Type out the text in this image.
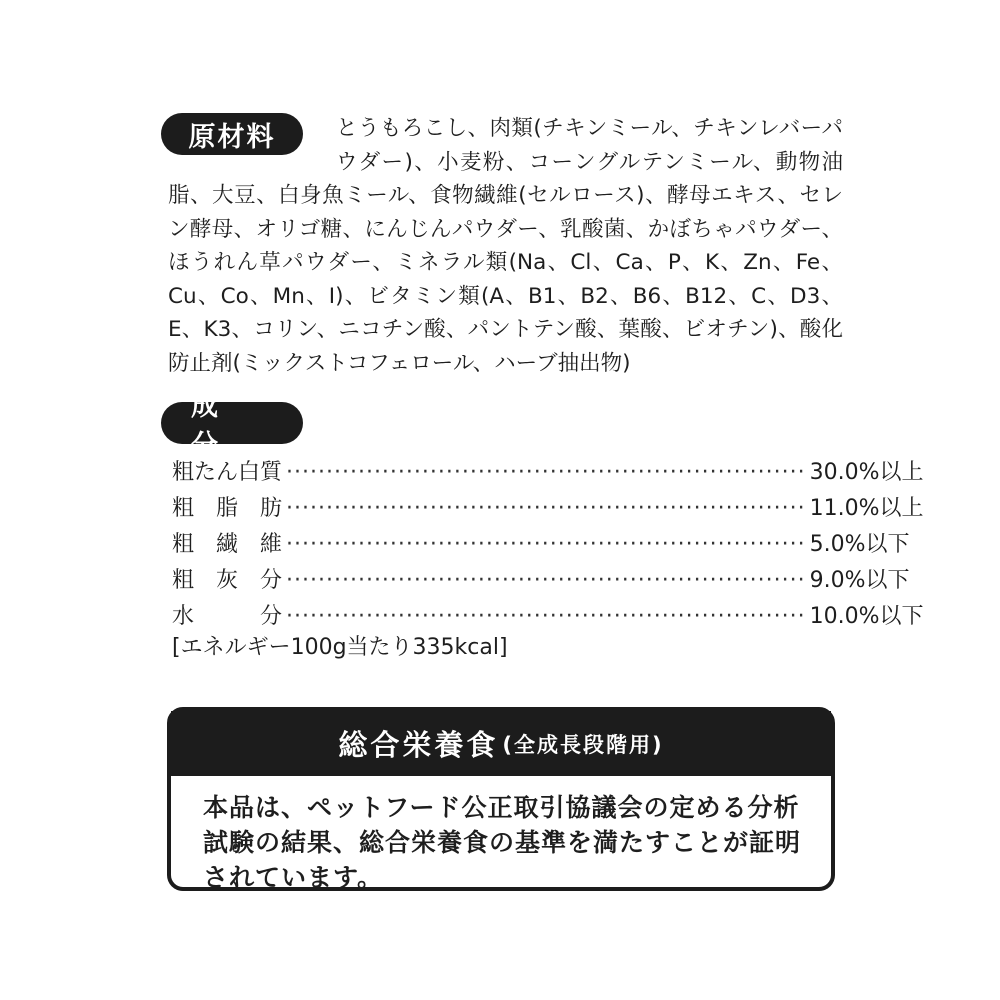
原材料	とうもろこし、肉類(チキンミール、チキンレバーパウダー)、小麦粉、コーングルテンミール、動物油脂、大豆、白身魚ミール、食物繊維(セルロース)、酵母エキス、セレン酵母、オリゴ糖、にんじんパウダー、乳酸菌、かぼちゃパウダー、ほうれん草パウダー、ミネラル類(Na、Cl、Ca、P、K、Zn、Fe、Cu、Co、Mn、I)、ビタミン類(A、B1、B2、B6、B12、C、D3、E、K3、コリン、ニコチン酸、パントテン酸、葉酸、ビオチン)、酸化防止剤(ミックストコフェロール、ハーブ抽出物)
成分
粗たん白質 ································································· 30.0%以上
粗　脂　肪 ································································· 11.0%以上
粗　繊　維 ································································· 5.0%以下
粗　灰　分 ································································· 9.0%以下
水　　　分 ································································· 10.0%以下
[エネルギー100g当たり335kcal]
総合栄養食 (全成長段階用)
本品は、ペットフード公正取引協議会の定める分析試験の結果、総合栄養食の基準を満たすことが証明されています。
